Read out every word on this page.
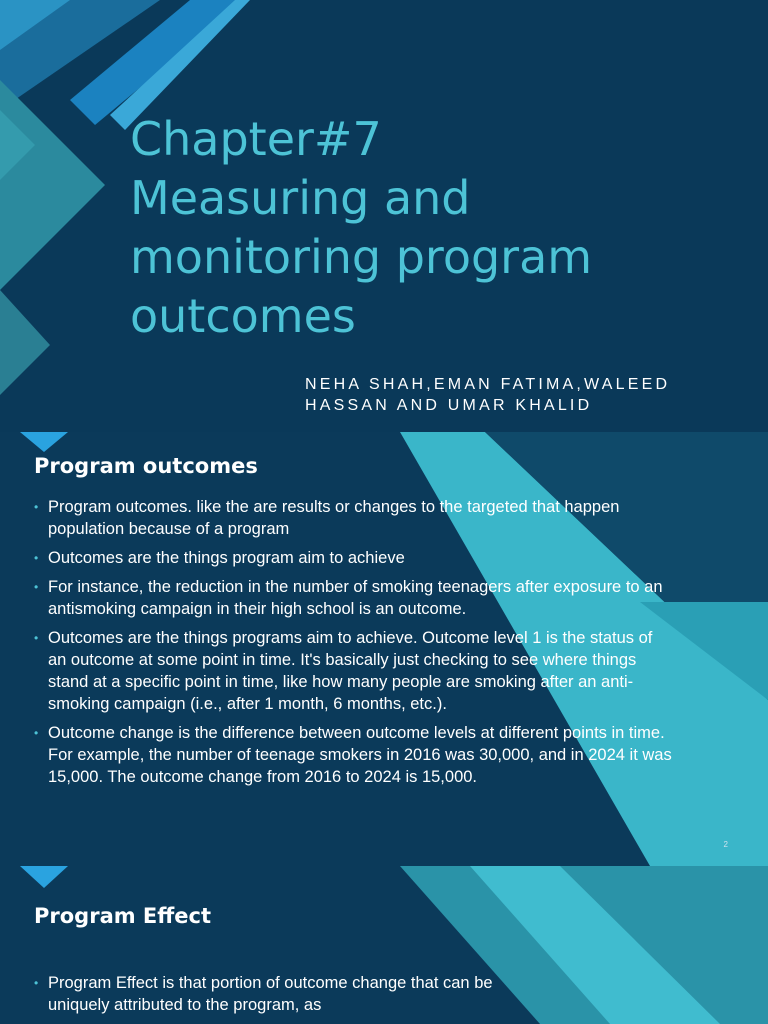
Chapter#7
Measuring and
monitoring program
outcomes

NEHA SHAH,EMAN FATIMA,WALEED HASSAN AND UMAR KHALID

Program outcomes
• Program outcomes. like the are results or changes to the targeted that happen population because of a program
• Outcomes are the things program aim to achieve
• For instance, the reduction in the number of smoking teenagers after exposure to an antismoking campaign in their high school is an outcome.
• Outcomes are the things programs aim to achieve. Outcome level 1 is the status of an outcome at some point in time. It's basically just checking to see where things stand at a specific point in time, like how many people are smoking after an anti-smoking campaign (i.e., after 1 month, 6 months, etc.).
• Outcome change is the difference between outcome levels at different points in time. For example, the number of teenage smokers in 2016 was 30,000, and in 2024 it was 15,000. The outcome change from 2016 to 2024 is 15,000.
2
Program Effect
• Program Effect is that portion of outcome change that can be uniquely attributed to the program, as
